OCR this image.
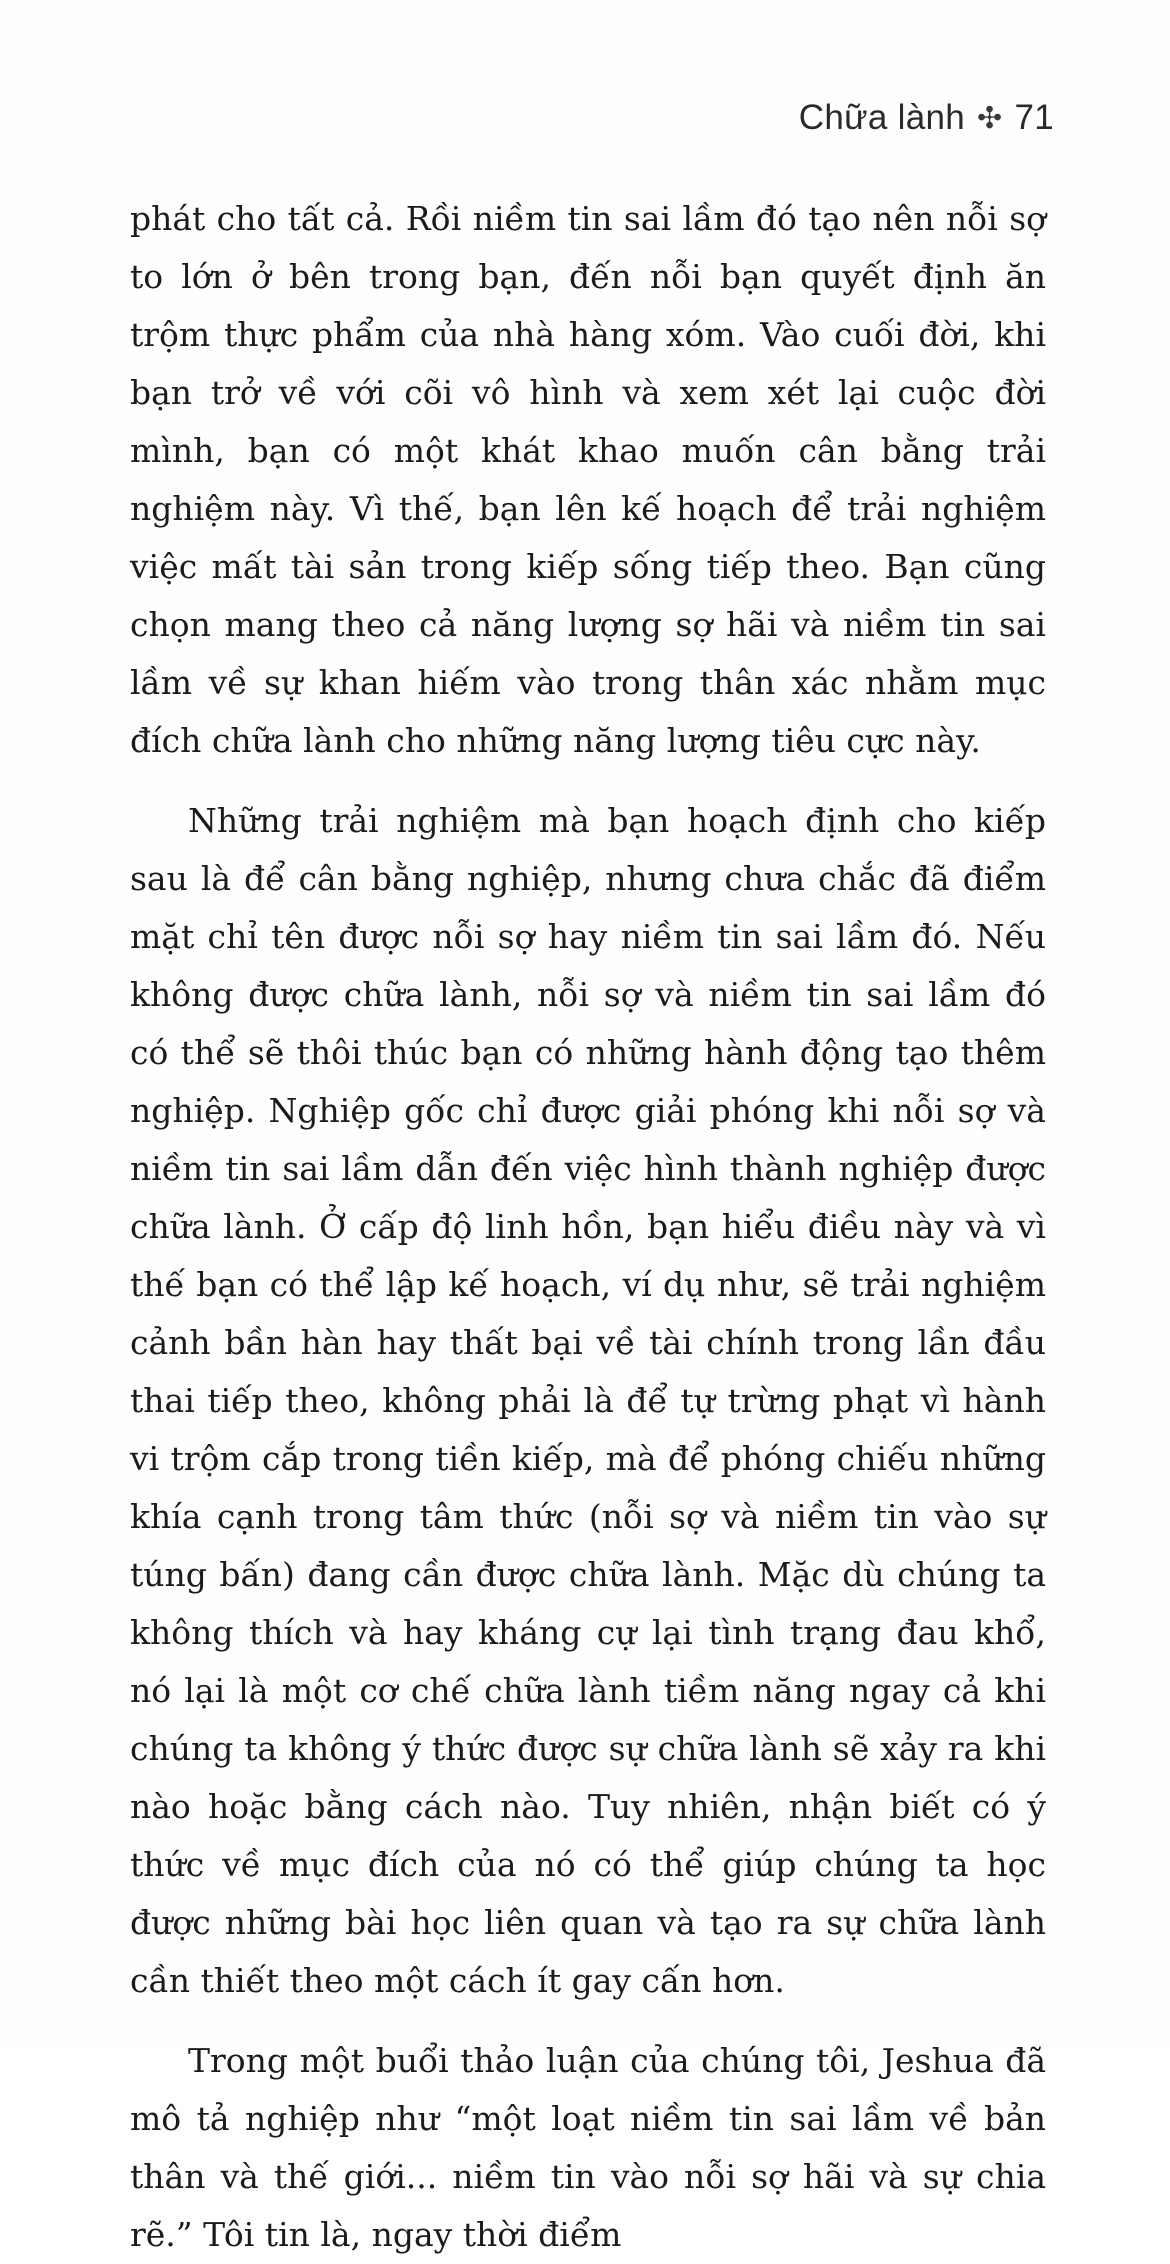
Chữa lành ✣ 71

phát cho tất cả. Rồi niềm tin sai lầm đó tạo nên nỗi sợ to lớn ở bên trong bạn, đến nỗi bạn quyết định ăn trộm thực phẩm của nhà hàng xóm. Vào cuối đời, khi bạn trở về với cõi vô hình và xem xét lại cuộc đời mình, bạn có một khát khao muốn cân bằng trải nghiệm này. Vì thế, bạn lên kế hoạch để trải nghiệm việc mất tài sản trong kiếp sống tiếp theo. Bạn cũng chọn mang theo cả năng lượng sợ hãi và niềm tin sai lầm về sự khan hiếm vào trong thân xác nhằm mục đích chữa lành cho những năng lượng tiêu cực này.

Những trải nghiệm mà bạn hoạch định cho kiếp sau là để cân bằng nghiệp, nhưng chưa chắc đã điểm mặt chỉ tên được nỗi sợ hay niềm tin sai lầm đó. Nếu không được chữa lành, nỗi sợ và niềm tin sai lầm đó có thể sẽ thôi thúc bạn có những hành động tạo thêm nghiệp. Nghiệp gốc chỉ được giải phóng khi nỗi sợ và niềm tin sai lầm dẫn đến việc hình thành nghiệp được chữa lành. Ở cấp độ linh hồn, bạn hiểu điều này và vì thế bạn có thể lập kế hoạch, ví dụ như, sẽ trải nghiệm cảnh bần hàn hay thất bại về tài chính trong lần đầu thai tiếp theo, không phải là để tự trừng phạt vì hành vi trộm cắp trong tiền kiếp, mà để phóng chiếu những khía cạnh trong tâm thức (nỗi sợ và niềm tin vào sự túng bấn) đang cần được chữa lành. Mặc dù chúng ta không thích và hay kháng cự lại tình trạng đau khổ, nó lại là một cơ chế chữa lành tiềm năng ngay cả khi chúng ta không ý thức được sự chữa lành sẽ xảy ra khi nào hoặc bằng cách nào. Tuy nhiên, nhận biết có ý thức về mục đích của nó có thể giúp chúng ta học được những bài học liên quan và tạo ra sự chữa lành cần thiết theo một cách ít gay cấn hơn.

Trong một buổi thảo luận của chúng tôi, Jeshua đã mô tả nghiệp như “một loạt niềm tin sai lầm về bản thân và thế giới... niềm tin vào nỗi sợ hãi và sự chia rẽ.” Tôi tin là, ngay thời điểm
